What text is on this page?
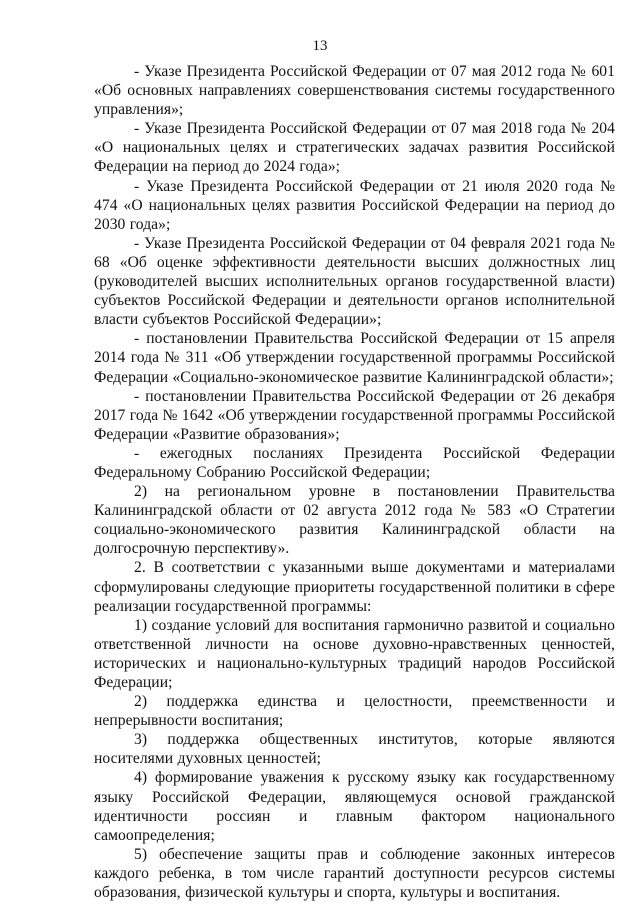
13

- Указе Президента Российской Федерации от 07 мая 2012 года № 601 «Об основных направлениях совершенствования системы государственного управления»;

- Указе Президента Российской Федерации от 07 мая 2018 года № 204 «О национальных целях и стратегических задачах развития Российской Федерации на период до 2024 года»;

- Указе Президента Российской Федерации от 21 июля 2020 года № 474 «О национальных целях развития Российской Федерации на период до 2030 года»;

- Указе Президента Российской Федерации от 04 февраля 2021 года № 68 «Об оценке эффективности деятельности высших должностных лиц (руководителей высших исполнительных органов государственной власти) субъектов Российской Федерации и деятельности органов исполнительной власти субъектов Российской Федерации»;

- постановлении Правительства Российской Федерации от 15 апреля 2014 года № 311 «Об утверждении государственной программы Российской Федерации «Социально-экономическое развитие Калининградской области»;

- постановлении Правительства Российской Федерации от 26 декабря 2017 года № 1642 «Об утверждении государственной программы Российской Федерации «Развитие образования»;

- ежегодных посланиях Президента Российской Федерации Федеральному Собранию Российской Федерации;

2) на региональном уровне в постановлении Правительства Калининградской области от 02 августа 2012 года № 583 «О Стратегии социально-экономического развития Калининградской области на долгосрочную перспективу».

2. В соответствии с указанными выше документами и материалами сформулированы следующие приоритеты государственной политики в сфере реализации государственной программы:

1) создание условий для воспитания гармонично развитой и социально ответственной личности на основе духовно-нравственных ценностей, исторических и национально-культурных традиций народов Российской Федерации;

2) поддержка единства и целостности, преемственности и непрерывности воспитания;

3) поддержка общественных институтов, которые являются носителями духовных ценностей;

4) формирование уважения к русскому языку как государственному языку Российской Федерации, являющемуся основой гражданской идентичности россиян и главным фактором национального самоопределения;

5) обеспечение защиты прав и соблюдение законных интересов каждого ребенка, в том числе гарантий доступности ресурсов системы образования, физической культуры и спорта, культуры и воспитания.
